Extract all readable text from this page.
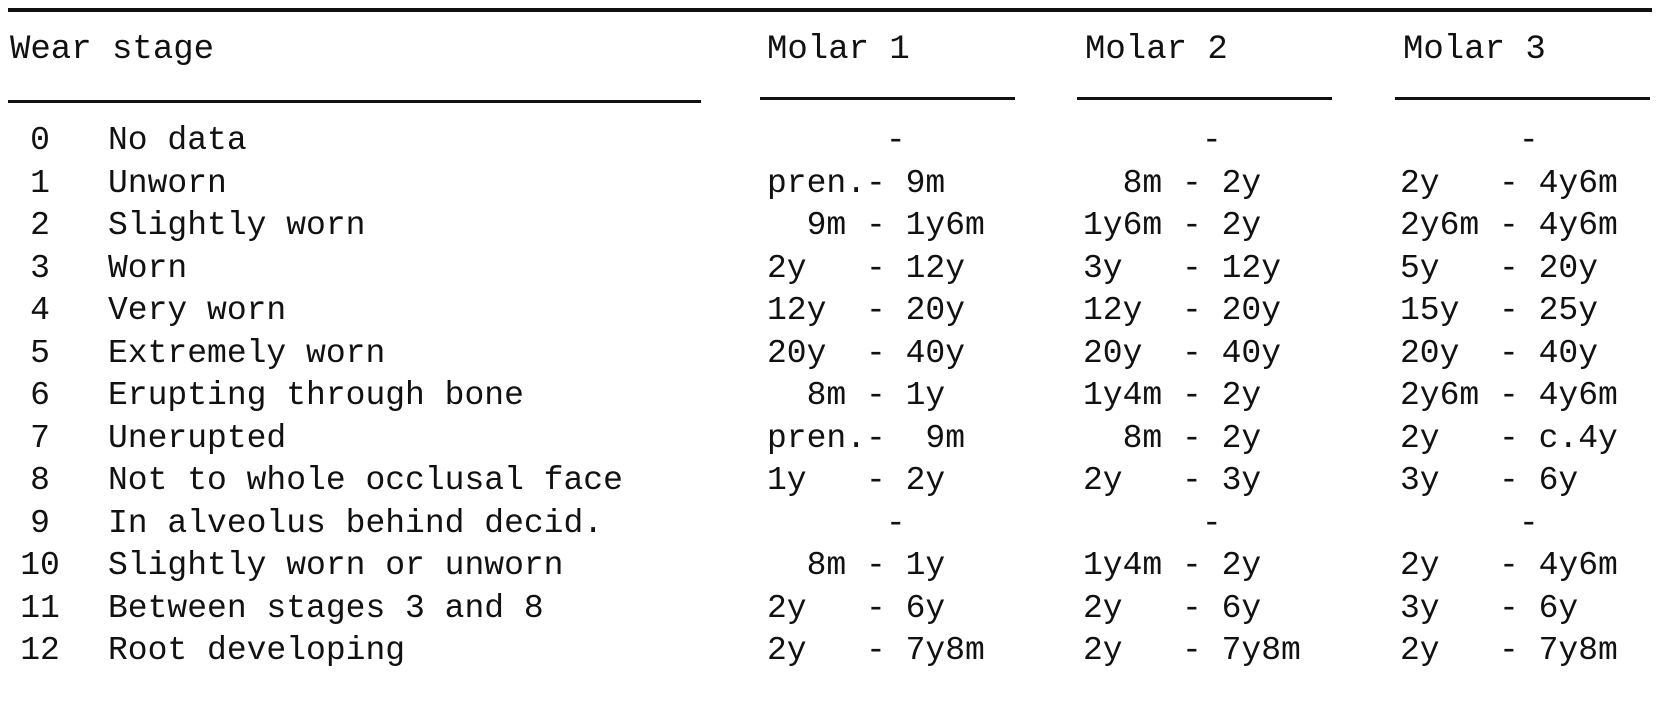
Wear stage	Molar 1	Molar 2	Molar 3
0	No data	-	-	-
1	Unworn	pren.- 9m	8m - 2y	2y   - 4y6m
2	Slightly worn	9m - 1y6m	1y6m - 2y	2y6m - 4y6m
3	Worn	2y   - 12y	3y   - 12y	5y   - 20y
4	Very worn	12y  - 20y	12y  - 20y	15y  - 25y
5	Extremely worn	20y  - 40y	20y  - 40y	20y  - 40y
6	Erupting through bone	8m - 1y	1y4m - 2y	2y6m - 4y6m
7	Unerupted	pren.-  9m	8m - 2y	2y   - c.4y
8	Not to whole occlusal face	1y   - 2y	2y   - 3y	3y   - 6y
9	In alveolus behind decid.	-	-	-
10 Slightly worn or unworn	8m - 1y	1y4m - 2y	2y   - 4y6m
11 Between stages 3 and 8	2y   - 6y	2y   - 6y	3y   - 6y
12 Root developing	2y   - 7y8m	2y   - 7y8m	2y   - 7y8m
